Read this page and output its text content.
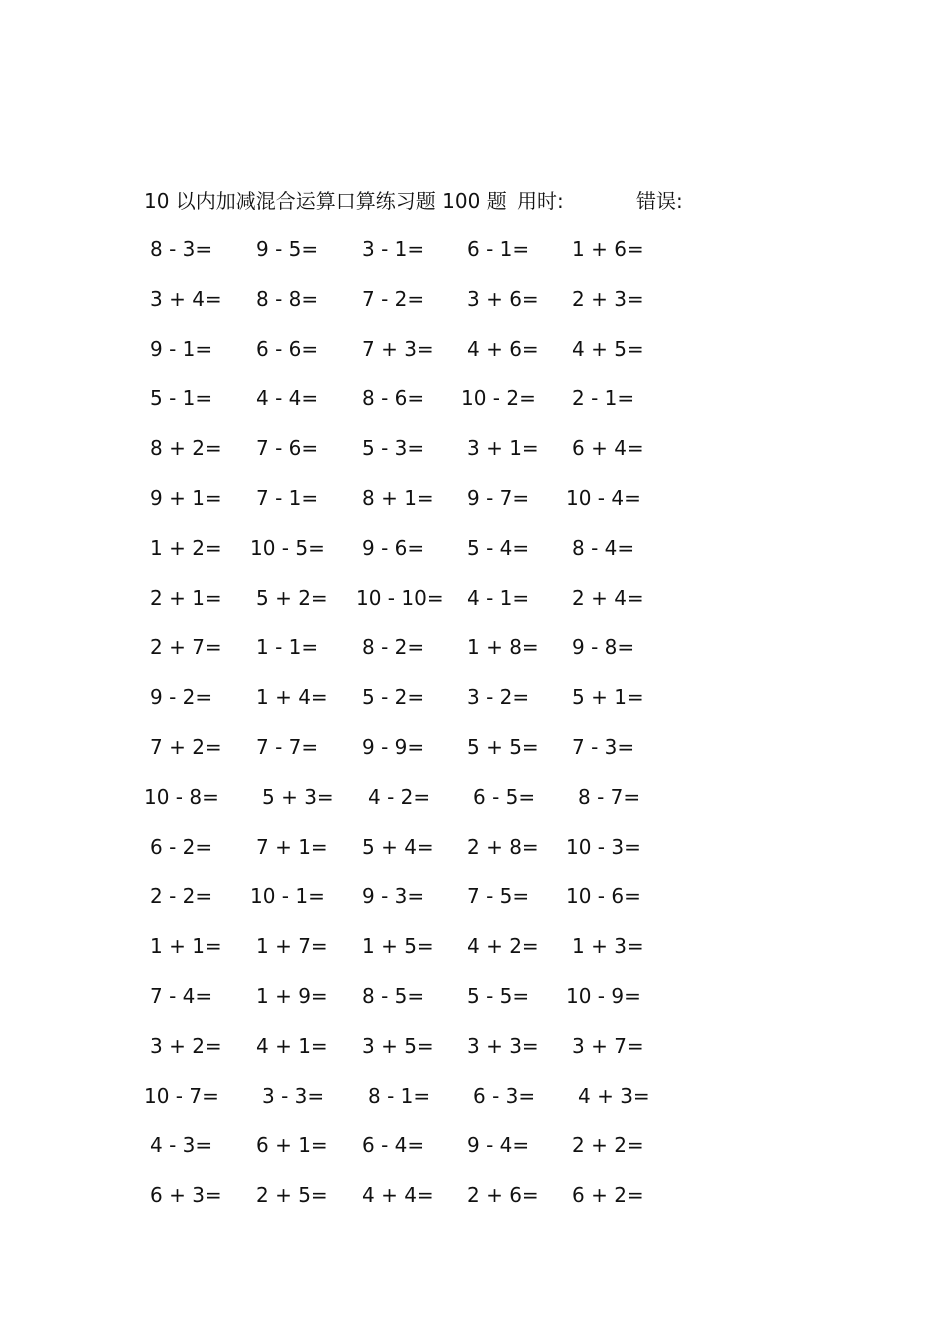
10 以内加减混合运算口算练习题 100 题 用时:	错误:
8 - 3= 9 - 5= 3 - 1= 6 - 1= 1 + 6=
3 + 4= 8 - 8= 7 - 2= 3 + 6= 2 + 3=
9 - 1= 6 - 6= 7 + 3= 4 + 6= 4 + 5=
5 - 1= 4 - 4= 8 - 6= 10 - 2= 2 - 1=
8 + 2= 7 - 6= 5 - 3= 3 + 1= 6 + 4=
9 + 1= 7 - 1= 8 + 1= 9 - 7= 10 - 4=
1 + 2= 10 - 5= 9 - 6= 5 - 4= 8 - 4=
2 + 1= 5 + 2= 10 - 10= 4 - 1= 2 + 4=
2 + 7= 1 - 1= 8 - 2= 1 + 8= 9 - 8=
9 - 2= 1 + 4= 5 - 2= 3 - 2= 5 + 1=
7 + 2= 7 - 7= 9 - 9= 5 + 5= 7 - 3=
10 - 8= 5 + 3= 4 - 2= 6 - 5= 8 - 7=
6 - 2= 7 + 1= 5 + 4= 2 + 8= 10 - 3=
2 - 2= 10 - 1= 9 - 3= 7 - 5= 10 - 6=
1 + 1= 1 + 7= 1 + 5= 4 + 2= 1 + 3=
7 - 4= 1 + 9= 8 - 5= 5 - 5= 10 - 9=
3 + 2= 4 + 1= 3 + 5= 3 + 3= 3 + 7=
10 - 7= 3 - 3= 8 - 1= 6 - 3= 4 + 3=
4 - 3= 6 + 1= 6 - 4= 9 - 4= 2 + 2=
6 + 3= 2 + 5= 4 + 4= 2 + 6= 6 + 2=
